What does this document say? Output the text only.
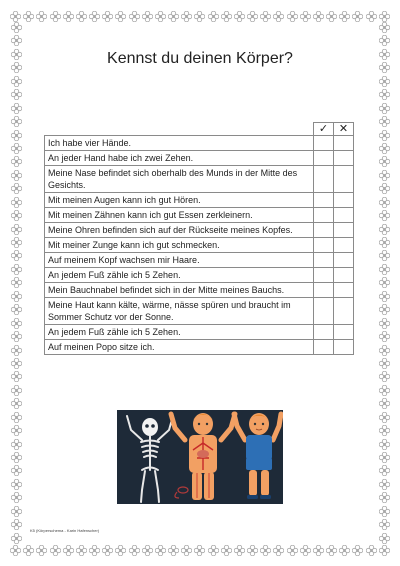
Kennst du deinen Körper?
	✓	✕
Ich habe vier Hände.		
An jeder Hand habe ich zwei Zehen.		
Meine Nase befindet sich oberhalb des Munds in der Mitte des Gesichts.		
Mit meinen Augen kann ich gut Hören.		
Mit meinen Zähnen kann ich gut Essen zerkleinern.		
Meine Ohren befinden sich auf der Rückseite meines Kopfes.		
Mit meiner Zunge kann ich gut schmecken.		
Auf meinem Kopf wachsen mir Haare.		
An jedem Fuß zähle ich 5 Zehen.		
Mein Bauchnabel befindet sich in der Mitte meines Bauchs.		
Meine Haut kann kälte, wärme, nässe spüren und braucht im Sommer Schutz vor der Sonne.		
An jedem Fuß zähle ich 5 Zehen.		
Auf meinen Popo sitze ich.		
K5 (Körperschema - Karin Hafenscher)
